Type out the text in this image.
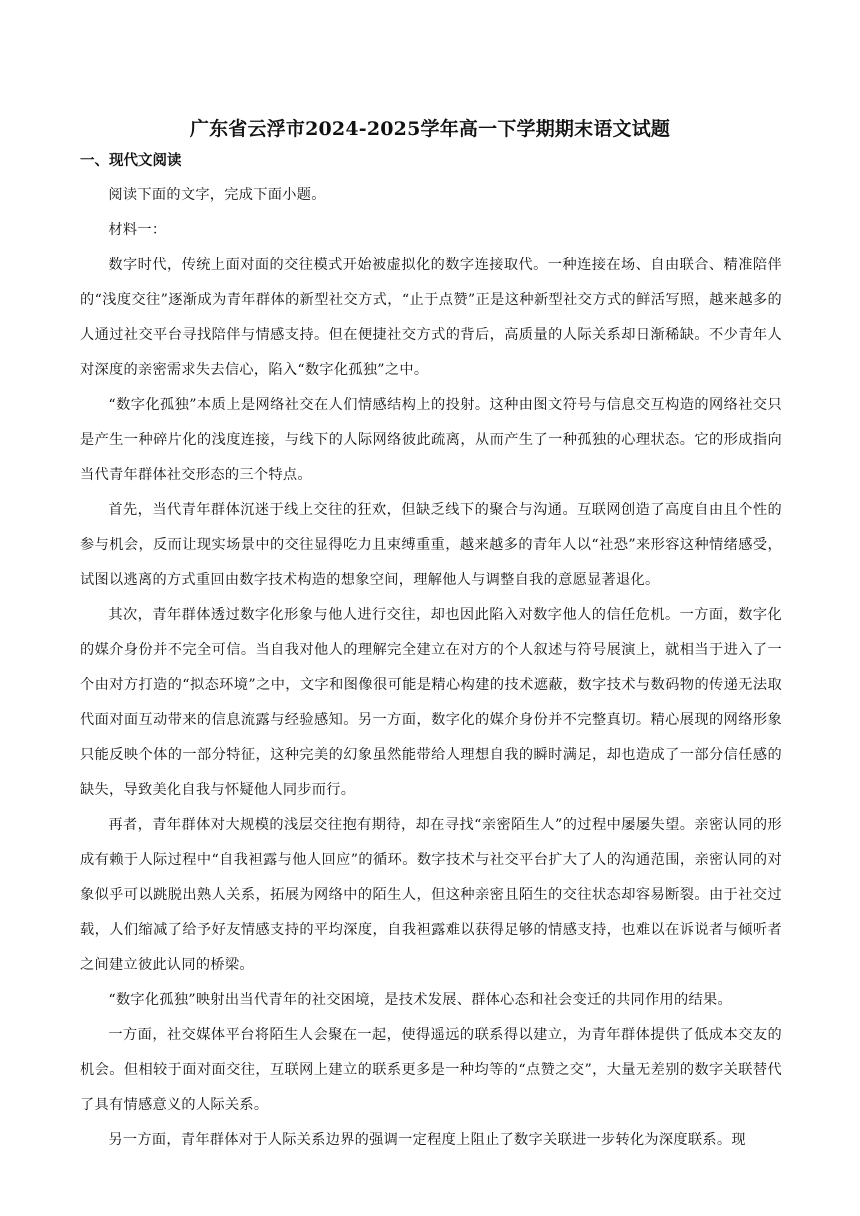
广东省云浮市2024-2025学年高一下学期期末语文试题
一、现代文阅读

阅读下面的文字，完成下面小题。

材料一：

数字时代，传统上面对面的交往模式开始被虚拟化的数字连接取代。一种连接在场、自由联合、精准陪伴的“浅度交往”逐渐成为青年群体的新型社交方式，“止于点赞”正是这种新型社交方式的鲜活写照，越来越多的人通过社交平台寻找陪伴与情感支持。但在便捷社交方式的背后，高质量的人际关系却日渐稀缺。不少青年人对深度的亲密需求失去信心，陷入“数字化孤独”之中。

“数字化孤独”本质上是网络社交在人们情感结构上的投射。这种由图文符号与信息交互构造的网络社交只是产生一种碎片化的浅度连接，与线下的人际网络彼此疏离，从而产生了一种孤独的心理状态。它的形成指向当代青年群体社交形态的三个特点。

首先，当代青年群体沉迷于线上交往的狂欢，但缺乏线下的聚合与沟通。互联网创造了高度自由且个性的参与机会，反而让现实场景中的交往显得吃力且束缚重重，越来越多的青年人以“社恐”来形容这种情绪感受，试图以逃离的方式重回由数字技术构造的想象空间，理解他人与调整自我的意愿显著退化。

其次，青年群体透过数字化形象与他人进行交往，却也因此陷入对数字他人的信任危机。一方面，数字化的媒介身份并不完全可信。当自我对他人的理解完全建立在对方的个人叙述与符号展演上，就相当于进入了一个由对方打造的“拟态环境”之中，文字和图像很可能是精心构建的技术遮蔽，数字技术与数码物的传递无法取代面对面互动带来的信息流露与经验感知。另一方面，数字化的媒介身份并不完整真切。精心展现的网络形象只能反映个体的一部分特征，这种完美的幻象虽然能带给人理想自我的瞬时满足，却也造成了一部分信任感的缺失，导致美化自我与怀疑他人同步而行。

再者，青年群体对大规模的浅层交往抱有期待，却在寻找“亲密陌生人”的过程中屡屡失望。亲密认同的形成有赖于人际过程中“自我袒露与他人回应”的循环。数字技术与社交平台扩大了人的沟通范围，亲密认同的对象似乎可以跳脱出熟人关系，拓展为网络中的陌生人，但这种亲密且陌生的交往状态却容易断裂。由于社交过载，人们缩减了给予好友情感支持的平均深度，自我袒露难以获得足够的情感支持，也难以在诉说者与倾听者之间建立彼此认同的桥梁。

“数字化孤独”映射出当代青年的社交困境，是技术发展、群体心态和社会变迁的共同作用的结果。

一方面，社交媒体平台将陌生人会聚在一起，使得遥远的联系得以建立，为青年群体提供了低成本交友的机会。但相较于面对面交往，互联网上建立的联系更多是一种均等的“点赞之交”，大量无差别的数字关联替代了具有情感意义的人际关系。

另一方面，青年群体对于人际关系边界的强调一定程度上阻止了数字关联进一步转化为深度联系。现
